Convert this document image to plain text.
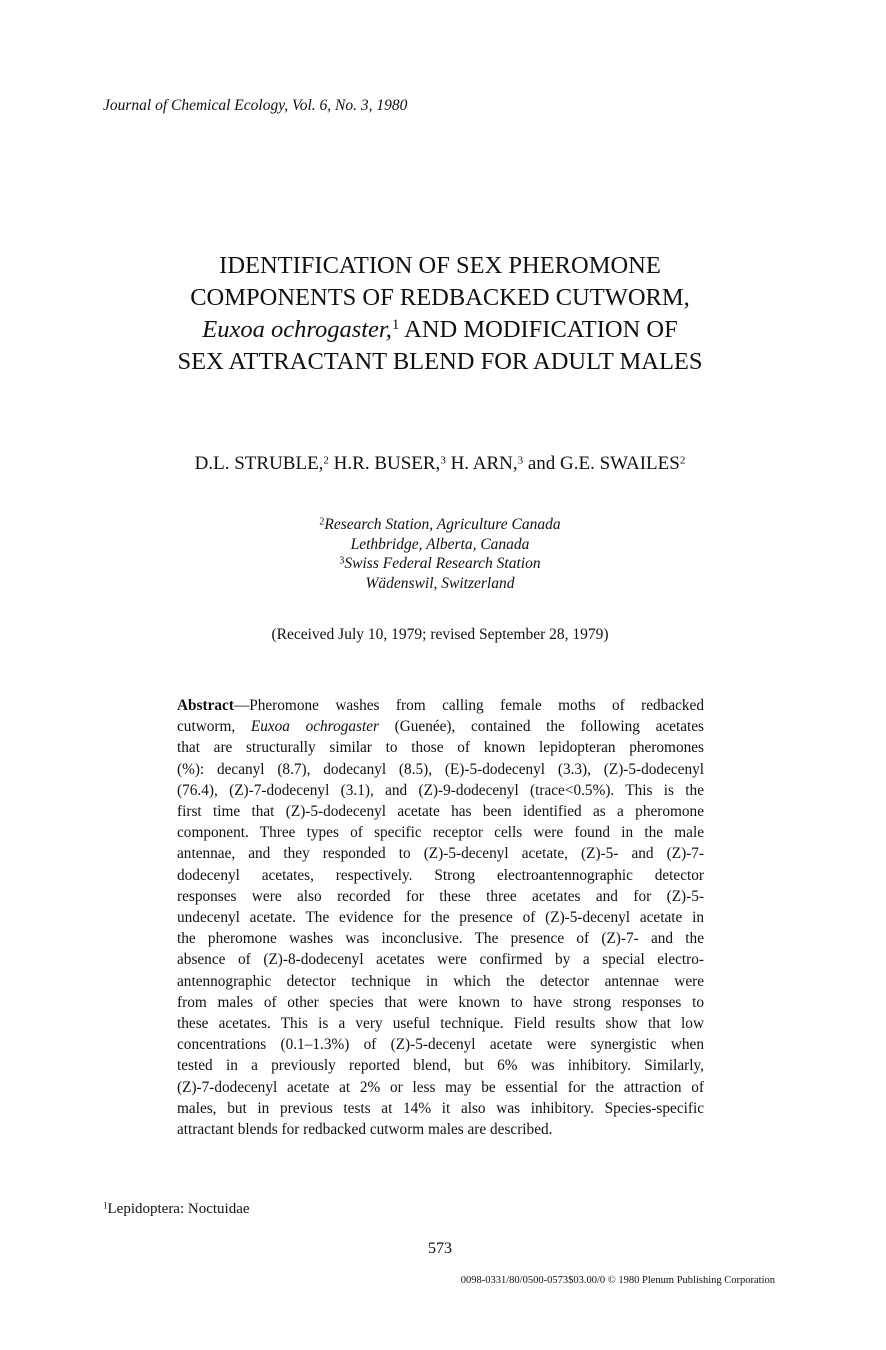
Journal of Chemical Ecology, Vol. 6, No. 3, 1980
IDENTIFICATION OF SEX PHEROMONE
COMPONENTS OF REDBACKED CUTWORM,
Euxoa ochrogaster,$^1$ AND MODIFICATION OF
SEX ATTRACTANT BLEND FOR ADULT MALES
D.L. STRUBLE,$^2$ H.R. BUSER,$^3$ H. ARN,$^3$ and G.E. SWAILES$^2$
$^2$Research Station, Agriculture Canada
Lethbridge, Alberta, Canada
$^3$Swiss Federal Research Station
Wädenswil, Switzerland
(Received July 10, 1979; revised September 28, 1979)
Abstract—Pheromone washes from calling female moths of redbacked
cutworm, Euxoa ochrogaster (Guenée), contained the following acetates
that are structurally similar to those of known lepidopteran pheromones
(%): decanyl (8.7), dodecanyl (8.5), (E)-5-dodecenyl (3.3), (Z)-5-dodecenyl
(76.4), (Z)-7-dodecenyl (3.1), and (Z)-9-dodecenyl (trace<0.5%). This is the
first time that (Z)-5-dodecenyl acetate has been identified as a pheromone
component. Three types of specific receptor cells were found in the male
antennae, and they responded to (Z)-5-decenyl acetate, (Z)-5- and (Z)-7-
dodecenyl acetates, respectively. Strong electroantennographic detector
responses were also recorded for these three acetates and for (Z)-5-
undecenyl acetate. The evidence for the presence of (Z)-5-decenyl acetate in
the pheromone washes was inconclusive. The presence of (Z)-7- and the
absence of (Z)-8-dodecenyl acetates were confirmed by a special electro-
antennographic detector technique in which the detector antennae were
from males of other species that were known to have strong responses to
these acetates. This is a very useful technique. Field results show that low
concentrations (0.1–1.3%) of (Z)-5-decenyl acetate were synergistic when
tested in a previously reported blend, but 6% was inhibitory. Similarly,
(Z)-7-dodecenyl acetate at 2% or less may be essential for the attraction of
males, but in previous tests at 14% it also was inhibitory. Species-specific
attractant blends for redbacked cutworm males are described.
$^1$Lepidoptera: Noctuidae
573
0098-0331/80/0500-0573$03.00/0 © 1980 Plenum Publishing Corporation
